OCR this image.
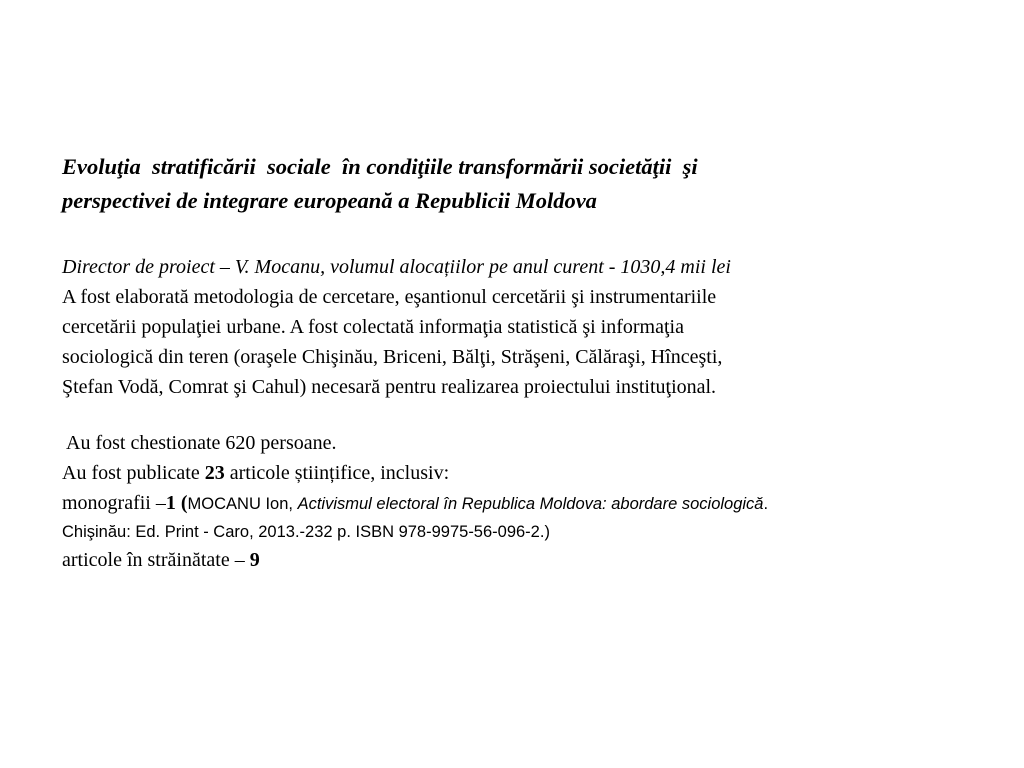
Evoluţia  stratificării  sociale  în condiţiile transformării societăţii  şi

perspectivei de integrare europeană a Republicii Moldova

Director de proiect – V. Mocanu, volumul alocațiilor pe anul curent - 1030,4 mii lei

A fost elaborată metodologia de cercetare, eşantionul cercetării şi instrumentariile

cercetării populaţiei urbane. A fost colectată informaţia statistică şi informaţia

sociologică din teren (oraşele Chişinău, Briceni, Bălţi, Străşeni, Călăraşi, Hînceşti,

Ştefan Vodă, Comrat şi Cahul) necesară pentru realizarea proiectului instituţional.

Au fost chestionate 620 persoane.

Au fost publicate 23 articole științifice, inclusiv:

monografii –1 (MOCANU Ion, Activismul electoral în Republica Moldova: abordare sociologică.

Chişinău: Ed. Print - Caro, 2013.-232 p. ISBN 978-9975-56-096-2.)

articole în străinătate – 9
